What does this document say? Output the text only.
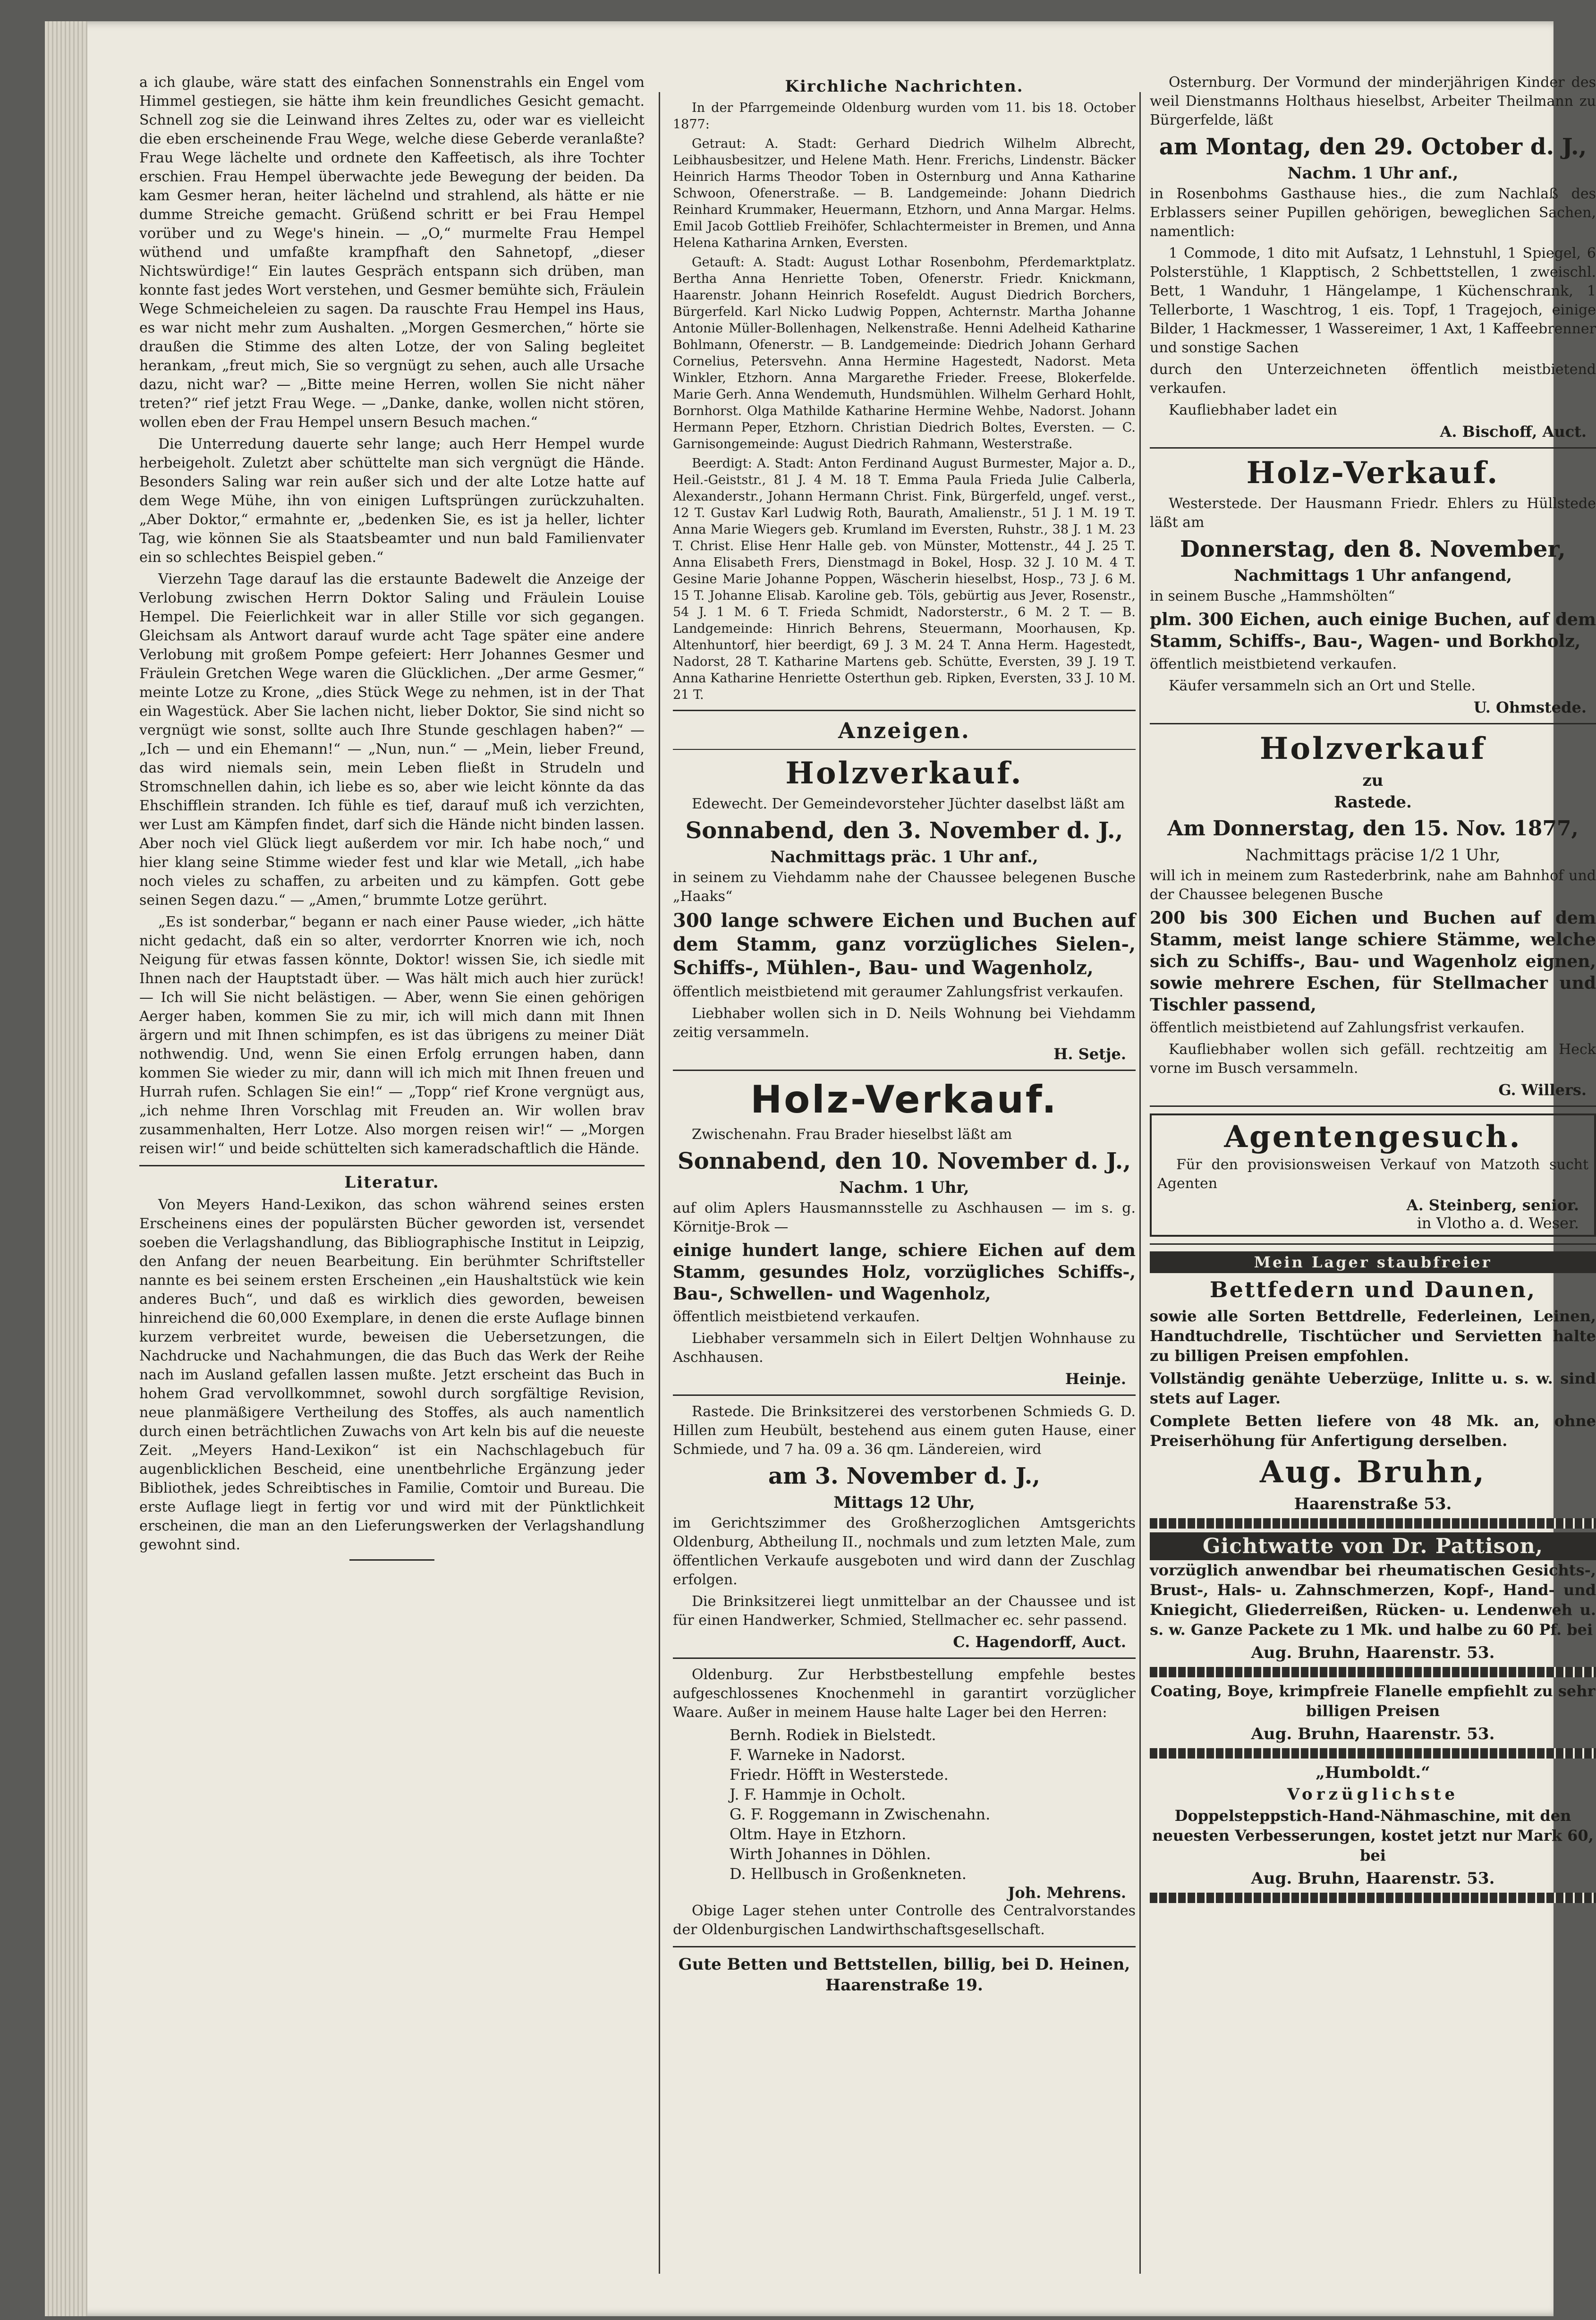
a ich glaube, wäre statt des einfachen Sonnenstrahls ein Engel vom Himmel gestiegen, sie hätte ihm kein freundliches Gesicht gemacht. Schnell zog sie die Leinwand ihres Zeltes zu, oder war es vielleicht die eben erscheinende Frau Wege, welche diese Geberde veranlaßte? Frau Wege lächelte und ordnete den Kaffeetisch, als ihre Tochter erschien. Frau Hempel überwachte jede Bewegung der beiden. Da kam Gesmer heran, heiter lächelnd und strahlend, als hätte er nie dumme Streiche gemacht. Grüßend schritt er bei Frau Hempel vorüber und zu Wege's hinein. — „O,“ murmelte Frau Hempel wüthend und umfaßte krampfhaft den Sahnetopf, „dieser Nichtswürdige!“ Ein lautes Gespräch entspann sich drüben, man konnte fast jedes Wort verstehen, und Gesmer bemühte sich, Fräulein Wege Schmeicheleien zu sagen. Da rauschte Frau Hempel ins Haus, es war nicht mehr zum Aushalten. „Morgen Gesmerchen,“ hörte sie draußen die Stimme des alten Lotze, der von Saling begleitet herankam, „freut mich, Sie so vergnügt zu sehen, auch alle Ursache dazu, nicht war? — „Bitte meine Herren, wollen Sie nicht näher treten?“ rief jetzt Frau Wege. — „Danke, danke, wollen nicht stören, wollen eben der Frau Hempel unsern Besuch machen.“

Die Unterredung dauerte sehr lange; auch Herr Hempel wurde herbeigeholt. Zuletzt aber schüttelte man sich vergnügt die Hände. Besonders Saling war rein außer sich und der alte Lotze hatte auf dem Wege Mühe, ihn von einigen Luftsprüngen zurückzuhalten. „Aber Doktor,“ ermahnte er, „bedenken Sie, es ist ja heller, lichter Tag, wie können Sie als Staatsbeamter und nun bald Familienvater ein so schlechtes Beispiel geben.“

Vierzehn Tage darauf las die erstaunte Badewelt die Anzeige der Verlobung zwischen Herrn Doktor Saling und Fräulein Louise Hempel. Die Feierlichkeit war in aller Stille vor sich gegangen. Gleichsam als Antwort darauf wurde acht Tage später eine andere Verlobung mit großem Pompe gefeiert: Herr Johannes Gesmer und Fräulein Gretchen Wege waren die Glücklichen. „Der arme Gesmer,“ meinte Lotze zu Krone, „dies Stück Wege zu nehmen, ist in der That ein Wagestück. Aber Sie lachen nicht, lieber Doktor, Sie sind nicht so vergnügt wie sonst, sollte auch Ihre Stunde geschlagen haben?“ — „Ich — und ein Ehemann!“ — „Nun, nun.“ — „Mein, lieber Freund, das wird niemals sein, mein Leben fließt in Strudeln und Stromschnellen dahin, ich liebe es so, aber wie leicht könnte da das Ehschifflein stranden. Ich fühle es tief, darauf muß ich verzichten, wer Lust am Kämpfen findet, darf sich die Hände nicht binden lassen. Aber noch viel Glück liegt außerdem vor mir. Ich habe noch,“ und hier klang seine Stimme wieder fest und klar wie Metall, „ich habe noch vieles zu schaffen, zu arbeiten und zu kämpfen. Gott gebe seinen Segen dazu.“ — „Amen,“ brummte Lotze gerührt.

„Es ist sonderbar,“ begann er nach einer Pause wieder, „ich hätte nicht gedacht, daß ein so alter, verdorrter Knorren wie ich, noch Neigung für etwas fassen könnte, Doktor! wissen Sie, ich siedle mit Ihnen nach der Hauptstadt über. — Was hält mich auch hier zurück! — Ich will Sie nicht belästigen. — Aber, wenn Sie einen gehörigen Aerger haben, kommen Sie zu mir, ich will mich dann mit Ihnen ärgern und mit Ihnen schimpfen, es ist das übrigens zu meiner Diät nothwendig. Und, wenn Sie einen Erfolg errungen haben, dann kommen Sie wieder zu mir, dann will ich mich mit Ihnen freuen und Hurrah rufen. Schlagen Sie ein!“ — „Topp“ rief Krone vergnügt aus, „ich nehme Ihren Vorschlag mit Freuden an. Wir wollen brav zusammenhalten, Herr Lotze. Also morgen reisen wir!“ — „Morgen reisen wir!“ und beide schüttelten sich kameradschaftlich die Hände.

Literatur.

Von Meyers Hand-Lexikon, das schon während seines ersten Erscheinens eines der populärsten Bücher geworden ist, versendet soeben die Verlagshandlung, das Bibliographische Institut in Leipzig, den Anfang der neuen Bearbeitung. Ein berühmter Schriftsteller nannte es bei seinem ersten Erscheinen „ein Haushaltstück wie kein anderes Buch“, und daß es wirklich dies geworden, beweisen hinreichend die 60,000 Exemplare, in denen die erste Auflage binnen kurzem verbreitet wurde, beweisen die Uebersetzungen, die Nachdrucke und Nachahmungen, die das Buch das Werk der Reihe nach im Ausland gefallen lassen mußte. Jetzt erscheint das Buch in hohem Grad vervollkommnet, sowohl durch sorgfältige Revision, neue planmäßigere Vertheilung des Stoffes, als auch namentlich durch einen beträchtlichen Zuwachs von Art keln bis auf die neueste Zeit. „Meyers Hand-Lexikon“ ist ein Nachschlagebuch für augenblicklichen Bescheid, eine unentbehrliche Ergänzung jeder Bibliothek, jedes Schreibtisches in Familie, Comtoir und Bureau. Die erste Auflage liegt in fertig vor und wird mit der Pünktlichkeit erscheinen, die man an den Lieferungswerken der Verlagshandlung gewohnt sind.

Kirchliche Nachrichten.

In der Pfarrgemeinde Oldenburg wurden vom 11. bis 18. October 1877:

Getraut: A. Stadt: Gerhard Diedrich Wilhelm Albrecht, Leibhausbesitzer, und Helene Math. Henr. Frerichs, Lindenstr. Bäcker Heinrich Harms Theodor Toben in Osternburg und Anna Katharine Schwoon, Ofenerstraße. — B. Landgemeinde: Johann Diedrich Reinhard Krummaker, Heuermann, Etzhorn, und Anna Margar. Helms. Emil Jacob Gottlieb Freihöfer, Schlachtermeister in Bremen, und Anna Helena Katharina Arnken, Eversten.

Getauft: A. Stadt: August Lothar Rosenbohm, Pferdemarktplatz. Bertha Anna Henriette Toben, Ofenerstr. Friedr. Knickmann, Haarenstr. Johann Heinrich Rosefeldt. August Diedrich Borchers, Bürgerfeld. Karl Nicko Ludwig Poppen, Achternstr. Martha Johanne Antonie Müller-Bollenhagen, Nelkenstraße. Henni Adelheid Katharine Bohlmann, Ofenerstr. — B. Landgemeinde: Diedrich Johann Gerhard Cornelius, Petersvehn. Anna Hermine Hagestedt, Nadorst. Meta Winkler, Etzhorn. Anna Margarethe Frieder. Freese, Blokerfelde. Marie Gerh. Anna Wendemuth, Hundsmühlen. Wilhelm Gerhard Hohlt, Bornhorst. Olga Mathilde Katharine Hermine Wehbe, Nadorst. Johann Hermann Peper, Etzhorn. Christian Diedrich Boltes, Eversten. — C. Garnisongemeinde: August Diedrich Rahmann, Westerstraße.

Beerdigt: A. Stadt: Anton Ferdinand August Burmester, Major a. D., Heil.-Geiststr., 81 J. 4 M. 18 T. Emma Paula Frieda Julie Calberla, Alexanderstr., Johann Hermann Christ. Fink, Bürgerfeld, ungef. verst., 12 T. Gustav Karl Ludwig Roth, Baurath, Amalienstr., 51 J. 1 M. 19 T. Anna Marie Wiegers geb. Krumland im Eversten, Ruhstr., 38 J. 1 M. 23 T. Christ. Elise Henr Halle geb. von Münster, Mottenstr., 44 J. 25 T. Anna Elisabeth Frers, Dienstmagd in Bokel, Hosp. 32 J. 10 M. 4 T. Gesine Marie Johanne Poppen, Wäscherin hieselbst, Hosp., 73 J. 6 M. 15 T. Johanne Elisab. Karoline geb. Töls, gebürtig aus Jever, Rosenstr., 54 J. 1 M. 6 T. Frieda Schmidt, Nadorsterstr., 6 M. 2 T. — B. Landgemeinde: Hinrich Behrens, Steuermann, Moorhausen, Kp. Altenhuntorf, hier beerdigt, 69 J. 3 M. 24 T. Anna Herm. Hagestedt, Nadorst, 28 T. Katharine Martens geb. Schütte, Eversten, 39 J. 19 T. Anna Katharine Henriette Osterthun geb. Ripken, Eversten, 33 J. 10 M. 21 T.

Anzeigen.
Holzverkauf.

Edewecht. Der Gemeindevorsteher Jüchter daselbst läßt am

Sonnabend, den 3. November d. J.,
Nachmittags präc. 1 Uhr anf.,

in seinem zu Viehdamm nahe der Chaussee belegenen Busche „Haaks“

300 lange schwere Eichen und Buchen auf dem Stamm, ganz vorzügliches Sielen-, Schiffs-, Mühlen-, Bau- und Wagenholz,

öffentlich meistbietend mit geraumer Zahlungsfrist verkaufen.

Liebhaber wollen sich in D. Neils Wohnung bei Viehdamm zeitig versammeln.

H. Setje.
Holz-Verkauf.

Zwischenahn. Frau Brader hieselbst läßt am

Sonnabend, den 10. November d. J.,
Nachm. 1 Uhr,

auf olim Aplers Hausmannsstelle zu Aschhausen — im s. g. Körnitje-Brok —

einige hundert lange, schiere Eichen auf dem Stamm, gesundes Holz, vorzügliches Schiffs-, Bau-, Schwellen- und Wagenholz,

öffentlich meistbietend verkaufen.

Liebhaber versammeln sich in Eilert Deltjen Wohnhause zu Aschhausen.

Heinje.

Rastede. Die Brinksitzerei des verstorbenen Schmieds G. D. Hillen zum Heubült, bestehend aus einem guten Hause, einer Schmiede, und 7 ha. 09 a. 36 qm. Ländereien, wird

am 3. November d. J.,
Mittags 12 Uhr,

im Gerichtszimmer des Großherzoglichen Amtsgerichts Oldenburg, Abtheilung II., nochmals und zum letzten Male, zum öffentlichen Verkaufe ausgeboten und wird dann der Zuschlag erfolgen.

Die Brinksitzerei liegt unmittelbar an der Chaussee und ist für einen Handwerker, Schmied, Stellmacher ec. sehr passend.

C. Hagendorff, Auct.

Oldenburg. Zur Herbstbestellung empfehle bestes aufgeschlossenes Knochenmehl in garantirt vorzüglicher Waare. Außer in meinem Hause halte Lager bei den Herren:

Bernh. Rodiek in Bielstedt.

F. Warneke in Nadorst.

Friedr. Höfft in Westerstede.

J. F. Hammje in Ocholt.

G. F. Roggemann in Zwischenahn.

Oltm. Haye in Etzhorn.

Wirth Johannes in Döhlen.

D. Hellbusch in Großenkneten.

Joh. Mehrens.

Obige Lager stehen unter Controlle des Centralvorstandes der Oldenburgischen Landwirthschaftsgesellschaft.

Gute Betten und Bettstellen, billig, bei D. Heinen, Haarenstraße 19.

Osternburg. Der Vormund der minderjährigen Kinder des weil Dienstmanns Holthaus hieselbst, Arbeiter Theilmann zu Bürgerfelde, läßt

am Montag, den 29. October d. J.,
Nachm. 1 Uhr anf.,

in Rosenbohms Gasthause hies., die zum Nachlaß des Erblassers seiner Pupillen gehörigen, beweglichen Sachen, namentlich:

1 Commode, 1 dito mit Aufsatz, 1 Lehnstuhl, 1 Spiegel, 6 Polsterstühle, 1 Klapptisch, 2 Schbettstellen, 1 zweischl. Bett, 1 Wanduhr, 1 Hängelampe, 1 Küchenschrank, 1 Tellerborte, 1 Waschtrog, 1 eis. Topf, 1 Tragejoch, einige Bilder, 1 Hackmesser, 1 Wassereimer, 1 Axt, 1 Kaffeebrenner und sonstige Sachen

durch den Unterzeichneten öffentlich meistbietend verkaufen.

Kaufliebhaber ladet ein

A. Bischoff, Auct.
Holz-Verkauf.

Westerstede. Der Hausmann Friedr. Ehlers zu Hüllstede läßt am

Donnerstag, den 8. November,
Nachmittags 1 Uhr anfangend,

in seinem Busche „Hammshölten“

plm. 300 Eichen, auch einige Buchen, auf dem Stamm, Schiffs-, Bau-, Wagen- und Borkholz,

öffentlich meistbietend verkaufen.

Käufer versammeln sich an Ort und Stelle.

U. Ohmstede.
Holzverkauf
zu
Rastede.
Am Donnerstag, den 15. Nov. 1877,
Nachmittags präcise 1/2 1 Uhr,

will ich in meinem zum Rastederbrink, nahe am Bahnhof und der Chaussee belegenen Busche

200 bis 300 Eichen und Buchen auf dem Stamm, meist lange schiere Stämme, welche sich zu Schiffs-, Bau- und Wagenholz eignen, sowie mehrere Eschen, für Stellmacher und Tischler passend,

öffentlich meistbietend auf Zahlungsfrist verkaufen.

Kaufliebhaber wollen sich gefäll. rechtzeitig am Heck vorne im Busch versammeln.

G. Willers.
Agentengesuch.

Für den provisionsweisen Verkauf von Matzoth sucht Agenten

A. Steinberg, senior.
in Vlotho a. d. Weser.
Mein Lager staubfreier
Bettfedern und Daunen,

sowie alle Sorten Bettdrelle, Federleinen, Leinen, Handtuchdrelle, Tischtücher und Servietten halte zu billigen Preisen empfohlen.

Vollständig genähte Ueberzüge, Inlitte u. s. w. sind stets auf Lager.

Complete Betten liefere von 48 Mk. an, ohne Preiserhöhung für Anfertigung derselben.

Aug. Bruhn,
Haarenstraße 53.
Gichtwatte von Dr. Pattison,

vorzüglich anwendbar bei rheumatischen Gesichts-, Brust-, Hals- u. Zahnschmerzen, Kopf-, Hand- und Kniegicht, Gliederreißen, Rücken- u. Lendenweh u. s. w. Ganze Packete zu 1 Mk. und halbe zu 60 Pf. bei

Aug. Bruhn, Haarenstr. 53.

Coating, Boye, krimpfreie Flanelle empfiehlt zu sehr billigen Preisen

Aug. Bruhn, Haarenstr. 53.
„Humboldt.“
Vorzüglichste

Doppelsteppstich-Hand-Nähmaschine, mit den neuesten Verbesserungen, kostet jetzt nur Mark 60, bei

Aug. Bruhn, Haarenstr. 53.
